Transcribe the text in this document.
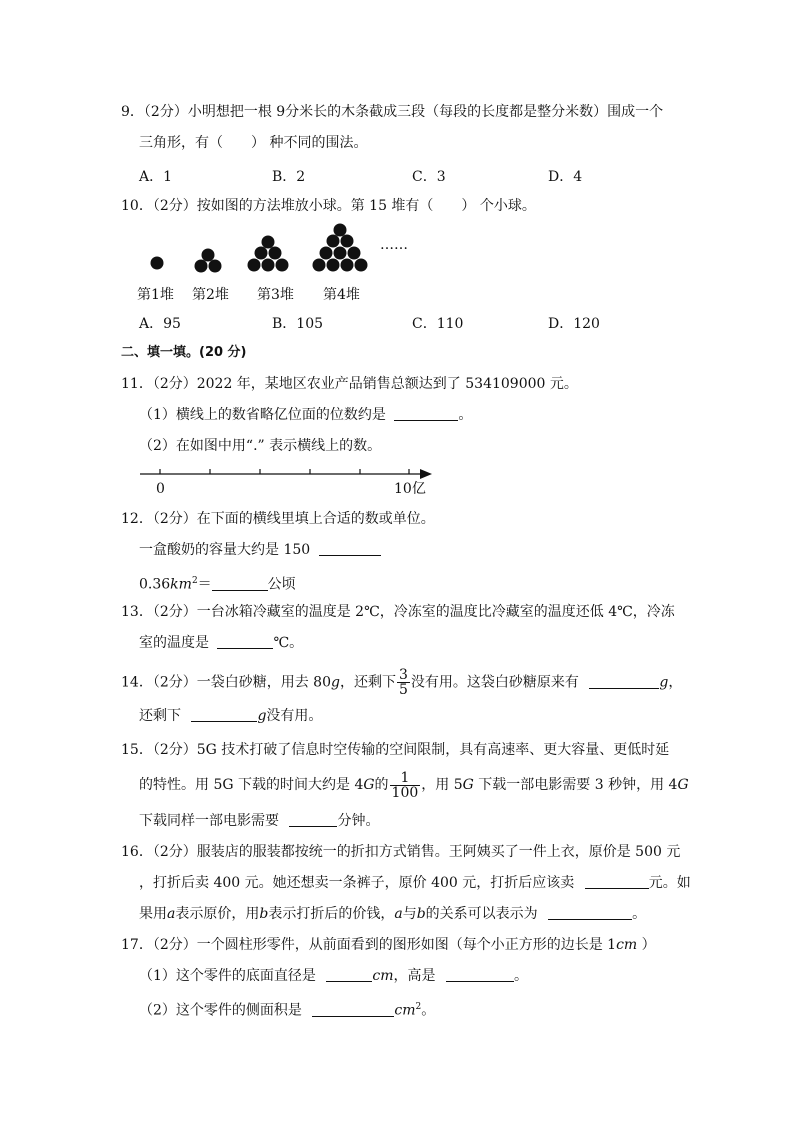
9．（2分）小明想把一根 9分米长的木条截成三段（每段的长度都是整分米数）围成一个
三角形，有（　　） 种不同的围法。
A．1	B．2	C．3	D．4
10．（2分）按如图的方法堆放小球。第 15 堆有（　　） 个小球。
……
第1堆 第2堆 第3堆 第4堆
A．95	B．105	C．110	D．120
二、填一填。(20 分)
11．（2分）2022 年，某地区农业产品销售总额达到了 534109000 元。
（1）横线上的数省略亿位面的位数约是	。
（2）在如图中用“.” 表示横线上的数。
0	10亿
12．（2分）在下面的横线里填上合适的数或单位。
一盒酸奶的容量大约是 150
$0.36km^2=$	公顷
13．（2分）一台冰箱冷藏室的温度是 2℃，冷冻室的温度比冷藏室的温度还低 4℃，冷冻
室的温度是	℃。
14．（2分）一袋白砂糖，用去 80g，还剩下 $\frac{3}{5}$ 没有用。这袋白砂糖原来有	g，
还剩下	g没有用。
15．（2分）5G 技术打破了信息时空传输的空间限制，具有高速率、更大容量、更低时延
的特性。用 5G 下载的时间大约是 4G的 $\frac{1}{100}$ ，用 5G 下载一部电影需要 3 秒钟，用 4G
下载同样一部电影需要	分钟。
16．（2分）服装店的服装都按统一的折扣方式销售。王阿姨买了一件上衣，原价是 500 元
，打折后卖 400 元。她还想卖一条裤子，原价 400 元，打折后应该卖	元。如
果用a表示原价，用b表示打折后的价钱，a与b的关系可以表示为	。
17．（2分）一个圆柱形零件，从前面看到的图形如图（每个小正方形的边长是 1cm ）
（1）这个零件的底面直径是	cm，高是	。
（2）这个零件的侧面积是	$cm^2$。
